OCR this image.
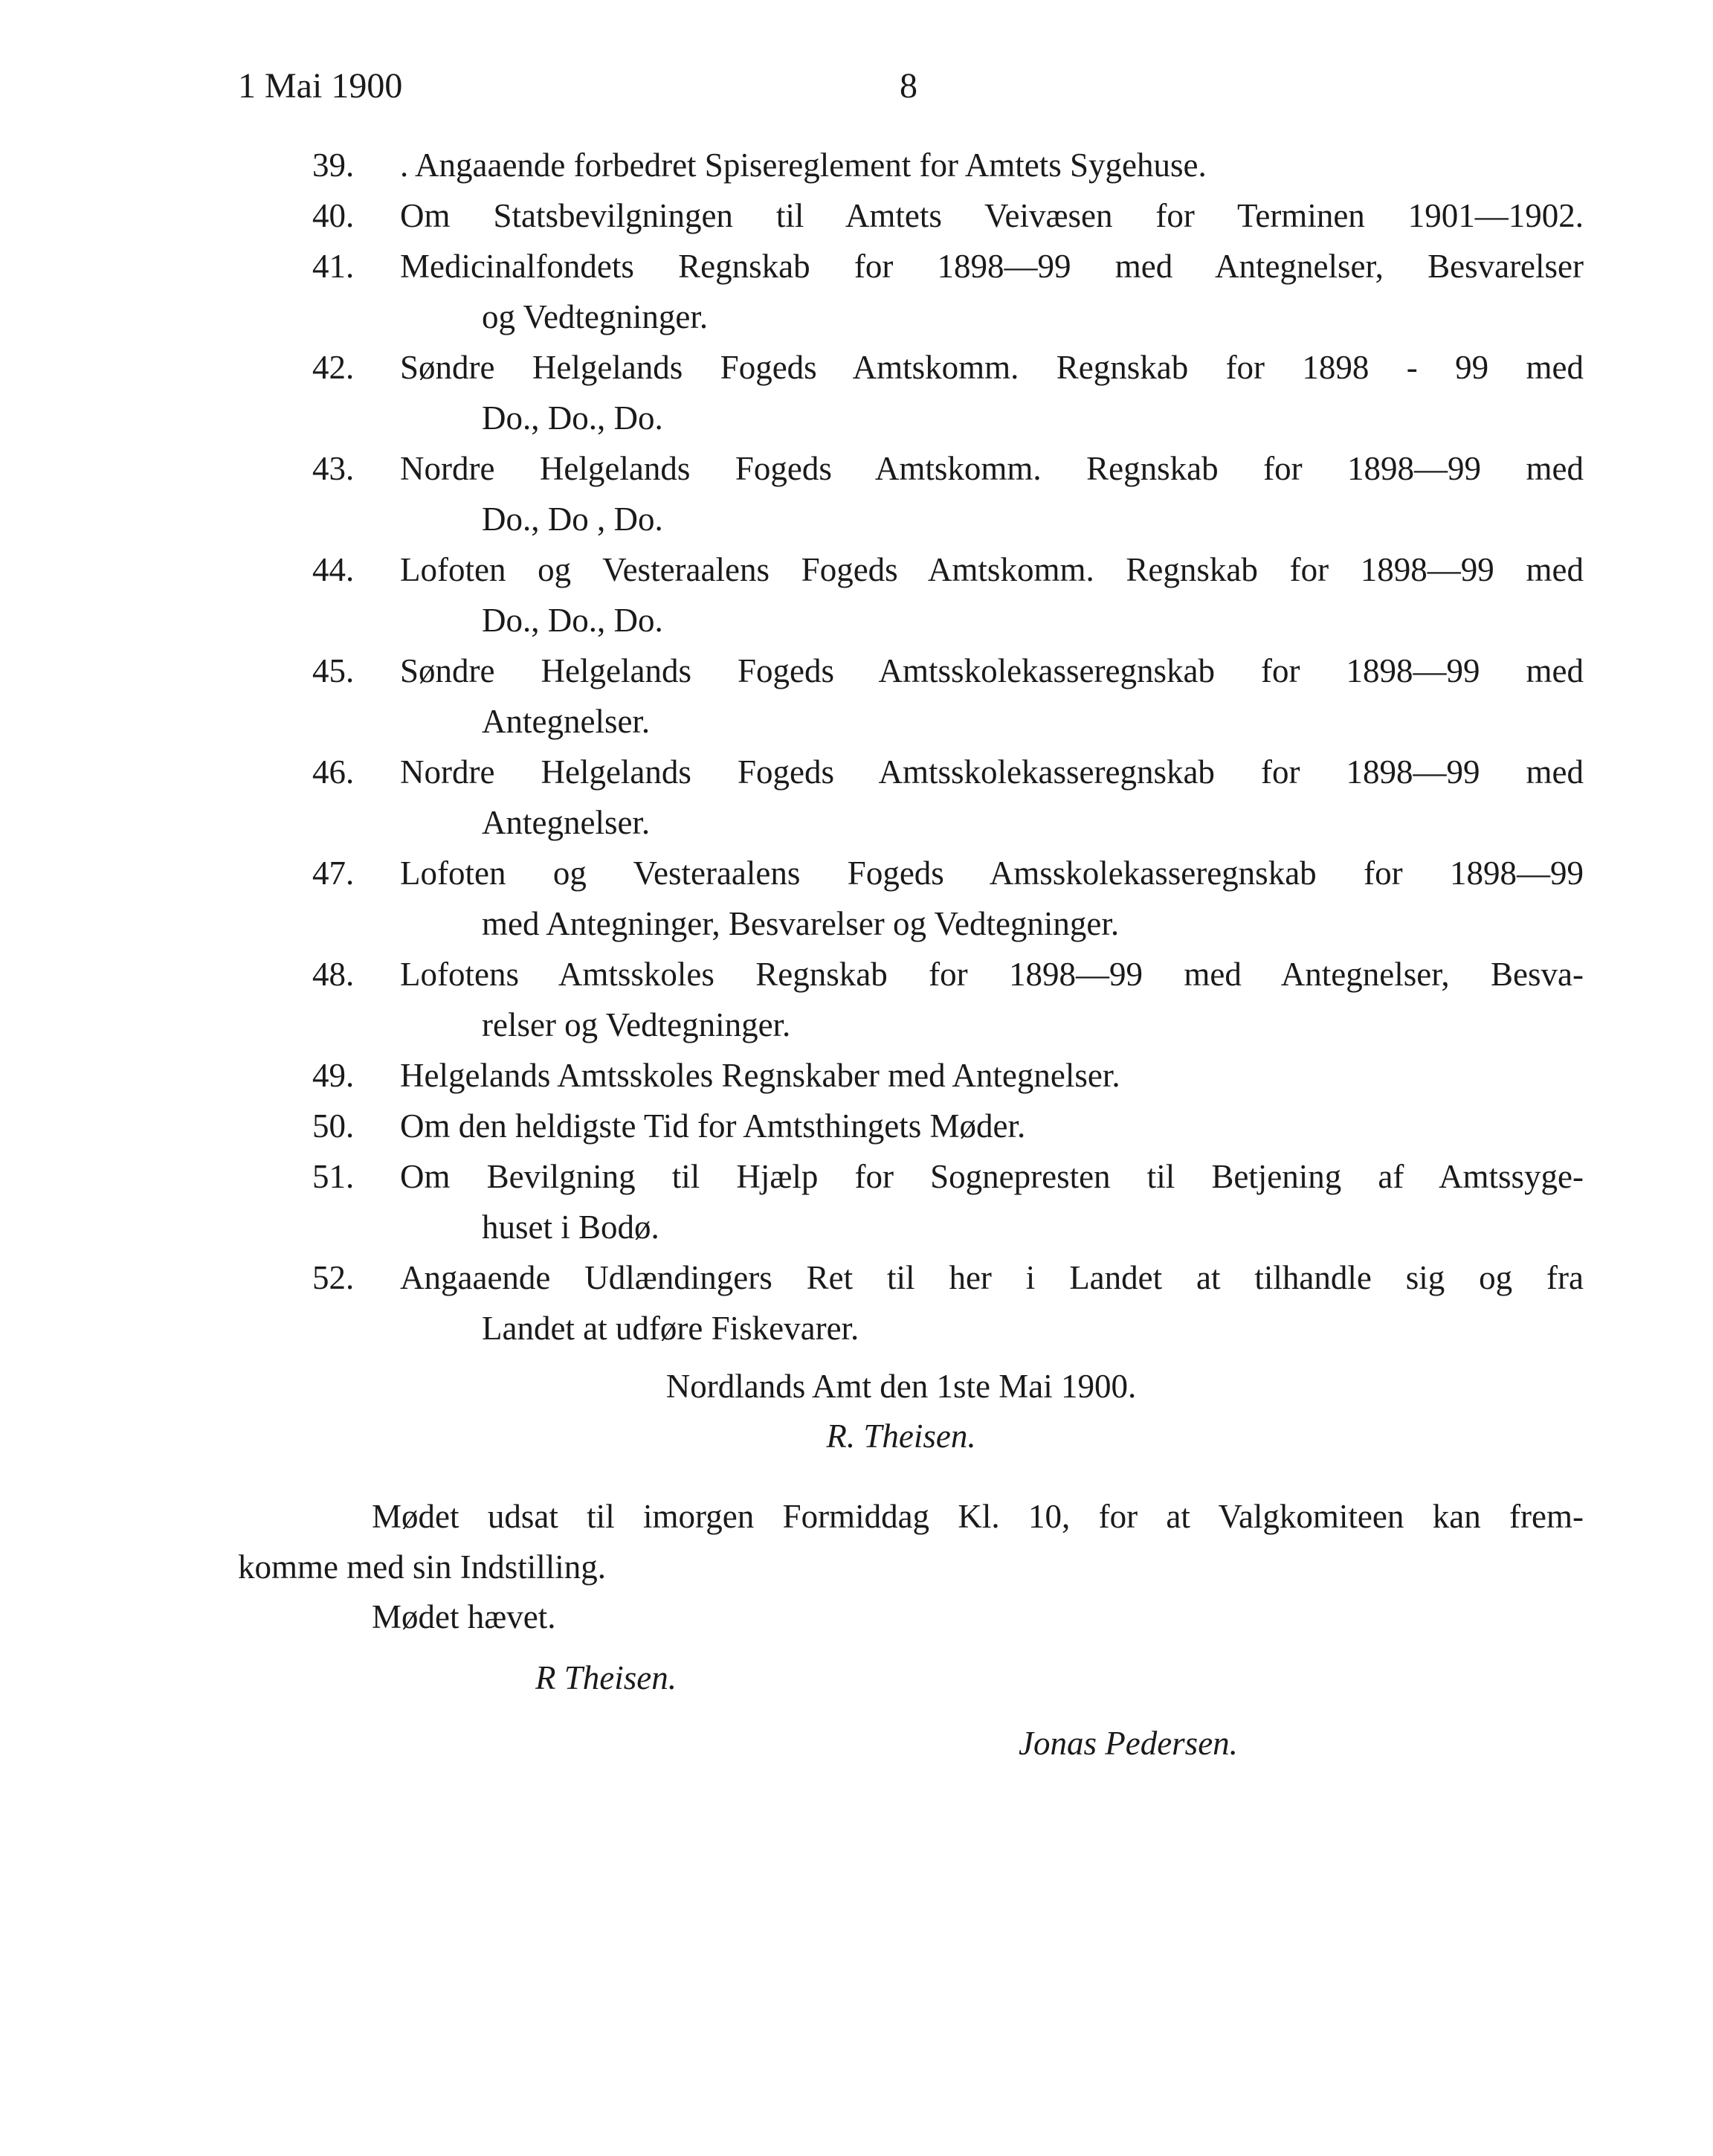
1 Mai 1900	8
39. . Angaaende forbedret Spisereglement for Amtets Sygehuse.
40. Om Statsbevilgningen til Amtets Veivæsen for Terminen 1901—1902.
41. Medicinalfondets Regnskab for 1898—99 med Antegnelser, Besvarelser
og Vedtegninger.
42. Søndre Helgelands Fogeds Amtskomm. Regnskab for 1898 - 99 med
Do., Do., Do.
43. Nordre Helgelands Fogeds Amtskomm. Regnskab for 1898—99 med
Do., Do , Do.
44. Lofoten og Vesteraalens Fogeds Amtskomm. Regnskab for 1898—99 med
Do., Do., Do.
45. Søndre Helgelands Fogeds Amtsskolekasseregnskab for 1898—99 med
Antegnelser.
46. Nordre Helgelands Fogeds Amtsskolekasseregnskab for 1898—99 med
Antegnelser.
47. Lofoten og Vesteraalens Fogeds Amsskolekasseregnskab for 1898—99
med Antegninger, Besvarelser og Vedtegninger.
48. Lofotens Amtsskoles Regnskab for 1898—99 med Antegnelser, Besva-
relser og Vedtegninger.
49. Helgelands Amtsskoles Regnskaber med Antegnelser.
50. Om den heldigste Tid for Amtsthingets Møder.
51. Om Bevilgning til Hjælp for Sognepresten til Betjening af Amtssyge-
huset i Bodø.
52. Angaaende Udlændingers Ret til her i Landet at tilhandle sig og fra
Landet at udføre Fiskevarer.
Nordlands Amt den 1ste Mai 1900.
R. Theisen.
Mødet udsat til imorgen Formiddag Kl. 10, for at Valgkomiteen kan frem-
komme med sin Indstilling.
Mødet hævet.
R Theisen.
Jonas Pedersen.
